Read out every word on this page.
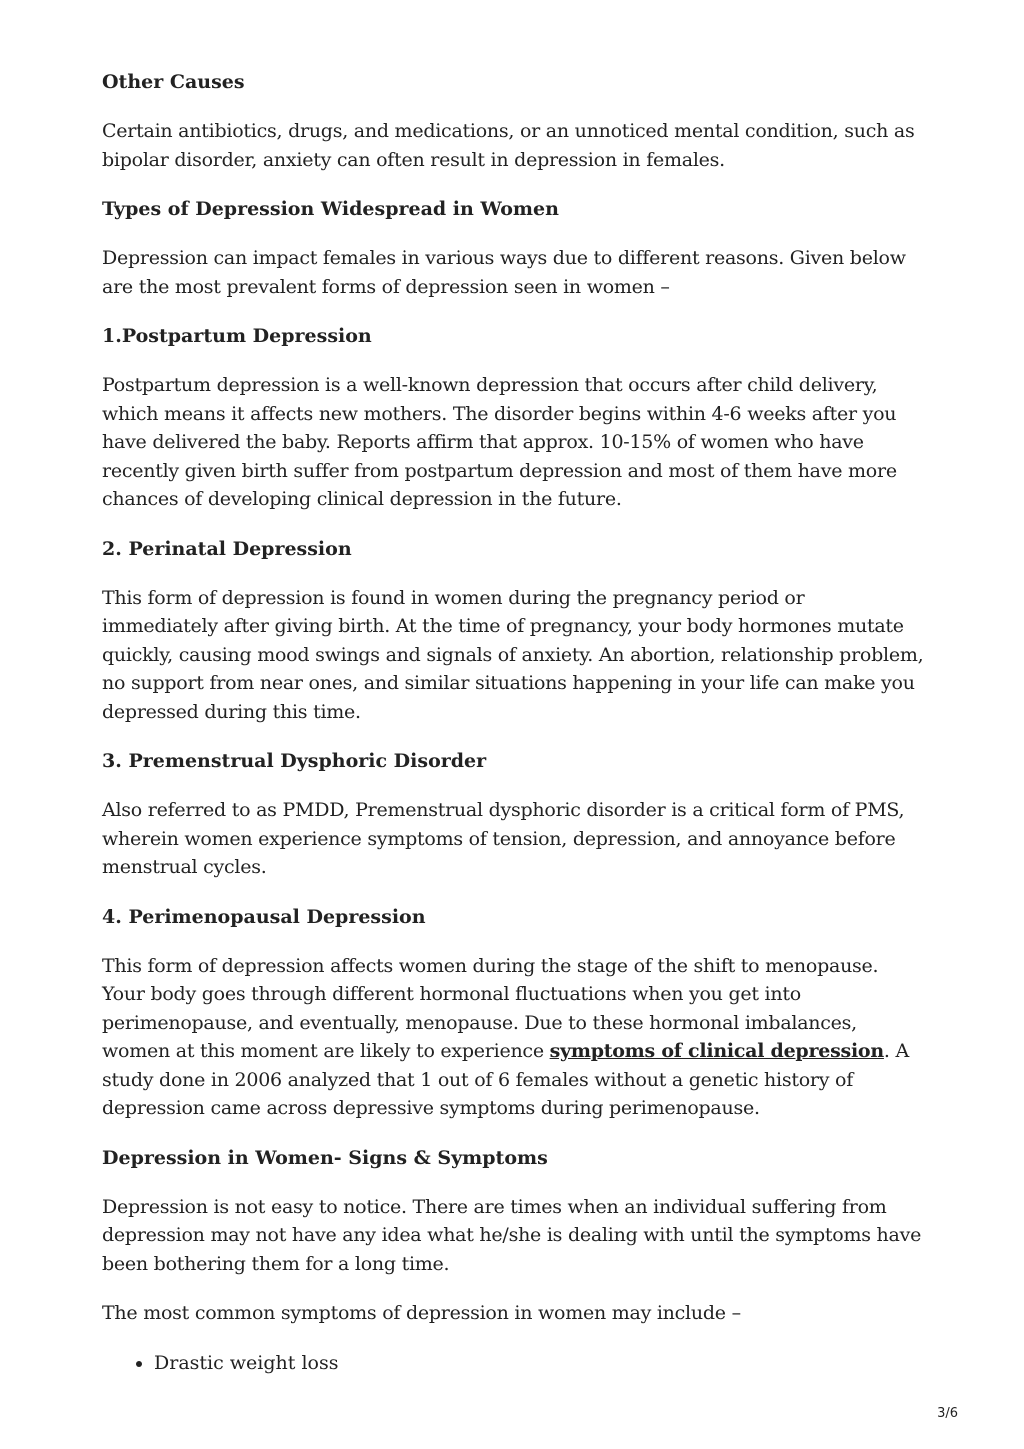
Other Causes

Certain antibiotics, drugs, and medications, or an unnoticed mental condition, such as bipolar disorder, anxiety can often result in depression in females.

Types of Depression Widespread in Women

Depression can impact females in various ways due to different reasons. Given below are the most prevalent forms of depression seen in women –

1.Postpartum Depression

Postpartum depression is a well-known depression that occurs after child delivery, which means it affects new mothers. The disorder begins within 4-6 weeks after you have delivered the baby. Reports affirm that approx. 10-15% of women who have recently given birth suffer from postpartum depression and most of them have more chances of developing clinical depression in the future.

2. Perinatal Depression

This form of depression is found in women during the pregnancy period or immediately after giving birth. At the time of pregnancy, your body hormones mutate quickly, causing mood swings and signals of anxiety. An abortion, relationship problem, no support from near ones, and similar situations happening in your life can make you depressed during this time.

3. Premenstrual Dysphoric Disorder

Also referred to as PMDD, Premenstrual dysphoric disorder is a critical form of PMS, wherein women experience symptoms of tension, depression, and annoyance before menstrual cycles.

4. Perimenopausal Depression

This form of depression affects women during the stage of the shift to menopause. Your body goes through different hormonal fluctuations when you get into perimenopause, and eventually, menopause. Due to these hormonal imbalances, women at this moment are likely to experience symptoms of clinical depression. A study done in 2006 analyzed that 1 out of 6 females without a genetic history of depression came across depressive symptoms during perimenopause.

Depression in Women- Signs & Symptoms

Depression is not easy to notice. There are times when an individual suffering from depression may not have any idea what he/she is dealing with until the symptoms have been bothering them for a long time.

The most common symptoms of depression in women may include –

• Drastic weight loss
3/6
